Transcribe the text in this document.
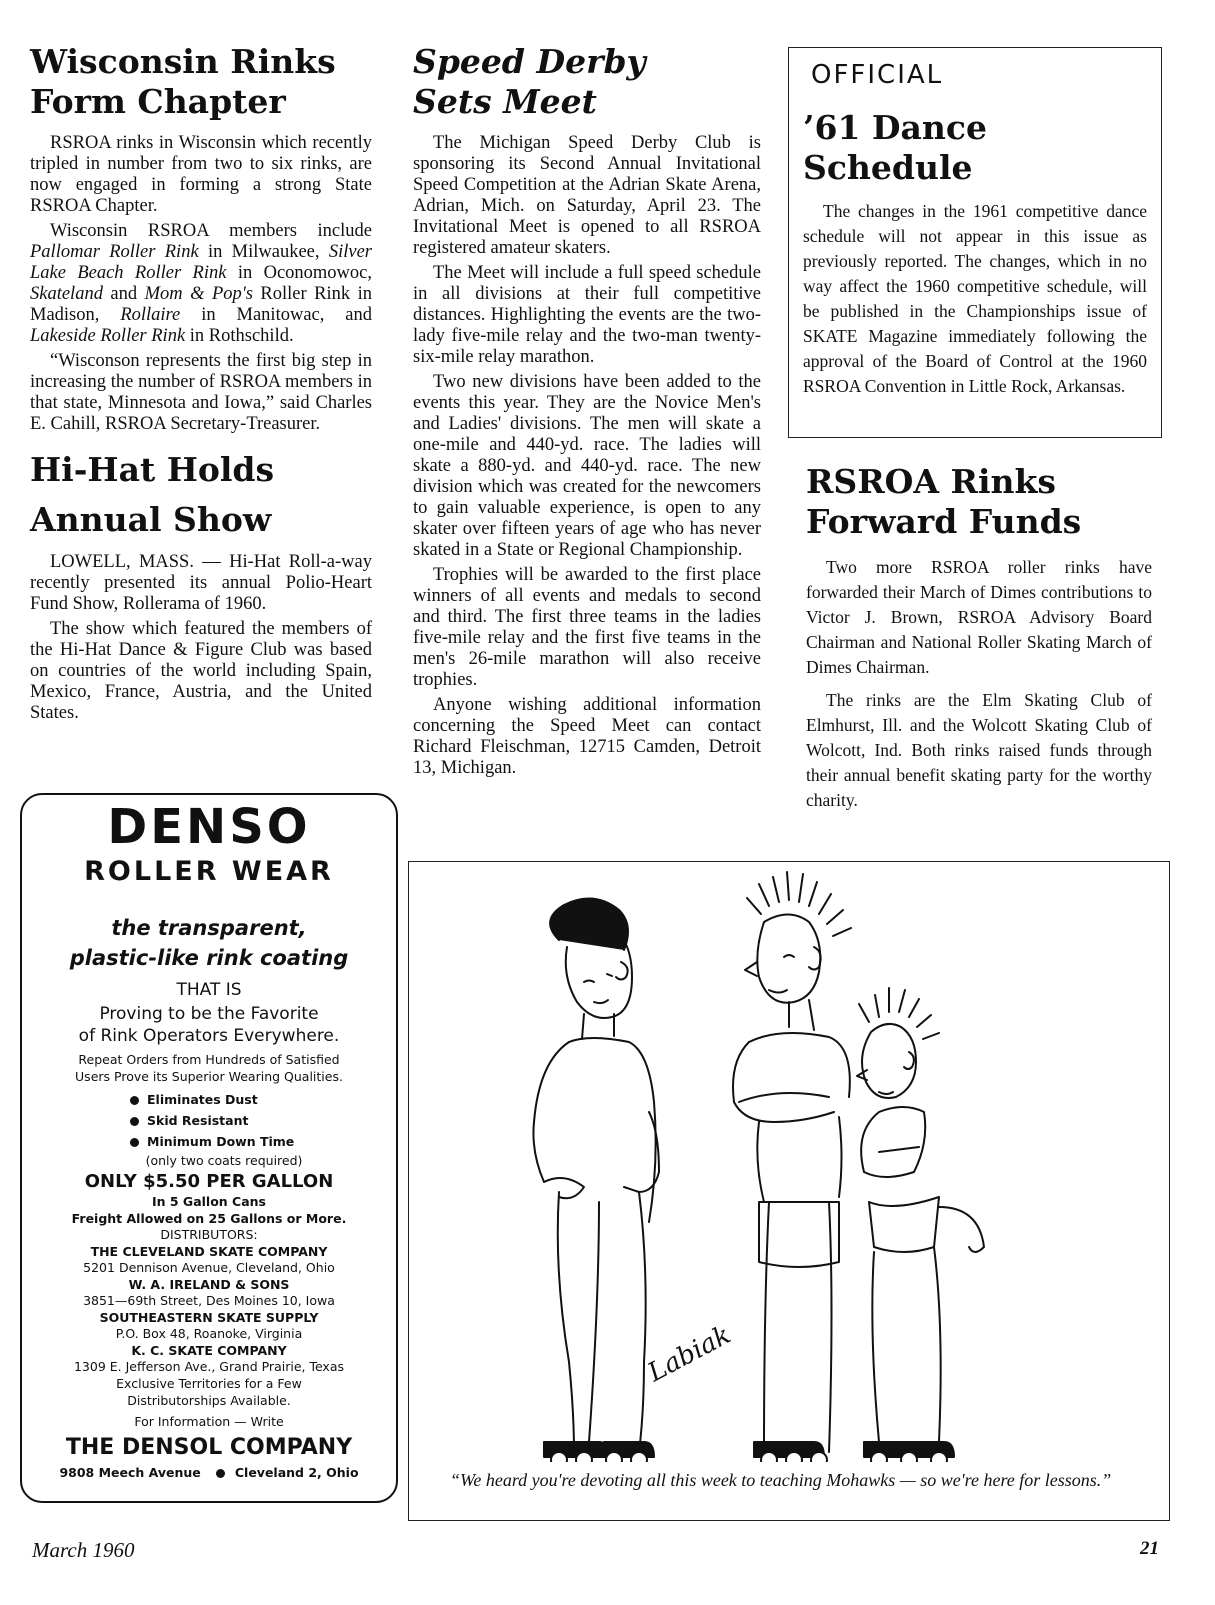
Wisconsin Rinks
Form Chapter

RSROA rinks in Wisconsin which recently tripled in number from two to six rinks, are now engaged in forming a strong State RSROA Chapter.

Wisconsin RSROA members include Pallomar Roller Rink in Milwaukee, Silver Lake Beach Roller Rink in Oconomowoc, Skateland and Mom & Pop's Roller Rink in Madison, Rollaire in Manitowac, and Lakeside Roller Rink in Rothschild.

“Wisconson represents the first big step in increasing the number of RSROA members in that state, Minnesota and Iowa,” said Charles E. Cahill, RSROA Secretary-Treasurer.

Hi-Hat Holds
Annual Show

LOWELL, MASS. — Hi-Hat Roll-a-way recently presented its annual Polio-Heart Fund Show, Rollerama of 1960.

The show which featured the members of the Hi-Hat Dance & Figure Club was based on countries of the world including Spain, Mexico, France, Austria, and the United States.

DENSO
ROLLER WEAR
the transparent,
plastic-like rink coating
THAT IS
Proving to be the Favorite
of Rink Operators Everywhere.
Repeat Orders from Hundreds of Satisfied
Users Prove its Superior Wearing Qualities.
Eliminates Dust
Skid Resistant
Minimum Down Time
(only two coats required)
ONLY $5.50 PER GALLON
In 5 Gallon Cans
Freight Allowed on 25 Gallons or More.
DISTRIBUTORS:
THE CLEVELAND SKATE COMPANY
5201 Dennison Avenue, Cleveland, Ohio
W. A. IRELAND & SONS
3851—69th Street, Des Moines 10, Iowa
SOUTHEASTERN SKATE SUPPLY
P.O. Box 48, Roanoke, Virginia
K. C. SKATE COMPANY
1309 E. Jefferson Ave., Grand Prairie, Texas
Exclusive Territories for a Few
Distributorships Available.
For Information — Write
THE DENSOL COMPANY
9808 Meech Avenue	Cleveland 2, Ohio
Speed Derby
Sets Meet

The Michigan Speed Derby Club is sponsoring its Second Annual Invitational Speed Competition at the Adrian Skate Arena, Adrian, Mich. on Saturday, April 23. The Invitational Meet is opened to all RSROA registered amateur skaters.

The Meet will include a full speed schedule in all divisions at their full competitive distances. Highlighting the events are the two-lady five-mile relay and the two-man twenty-six-mile relay marathon.

Two new divisions have been added to the events this year. They are the Novice Men's and Ladies' divisions. The men will skate a one-mile and 440-yd. race. The ladies will skate a 880-yd. and 440-yd. race. The new division which was created for the newcomers to gain valuable experience, is open to any skater over fifteen years of age who has never skated in a State or Regional Championship.

Trophies will be awarded to the first place winners of all events and medals to second and third. The first three teams in the ladies five-mile relay and the first five teams in the men's 26-mile marathon will also receive trophies.

Anyone wishing additional information concerning the Speed Meet can contact Richard Fleischman, 12715 Camden, Detroit 13, Michigan.

OFFICIAL
’61 Dance Schedule

The changes in the 1961 competitive dance schedule will not appear in this issue as previously reported. The changes, which in no way affect the 1960 competitive schedule, will be published in the Championships issue of SKATE Magazine immediately following the approval of the Board of Control at the 1960 RSROA Convention in Little Rock, Arkansas.

RSROA Rinks
Forward Funds

Two more RSROA roller rinks have forwarded their March of Dimes contributions to Victor J. Brown, RSROA Advisory Board Chairman and National Roller Skating March of Dimes Chairman.

The rinks are the Elm Skating Club of Elmhurst, Ill. and the Wolcott Skating Club of Wolcott, Ind. Both rinks raised funds through their annual benefit skating party for the worthy charity.

Labiak
“We heard you're devoting all this week to teaching Mohawks — so we're here for lessons.”
March 1960	21
